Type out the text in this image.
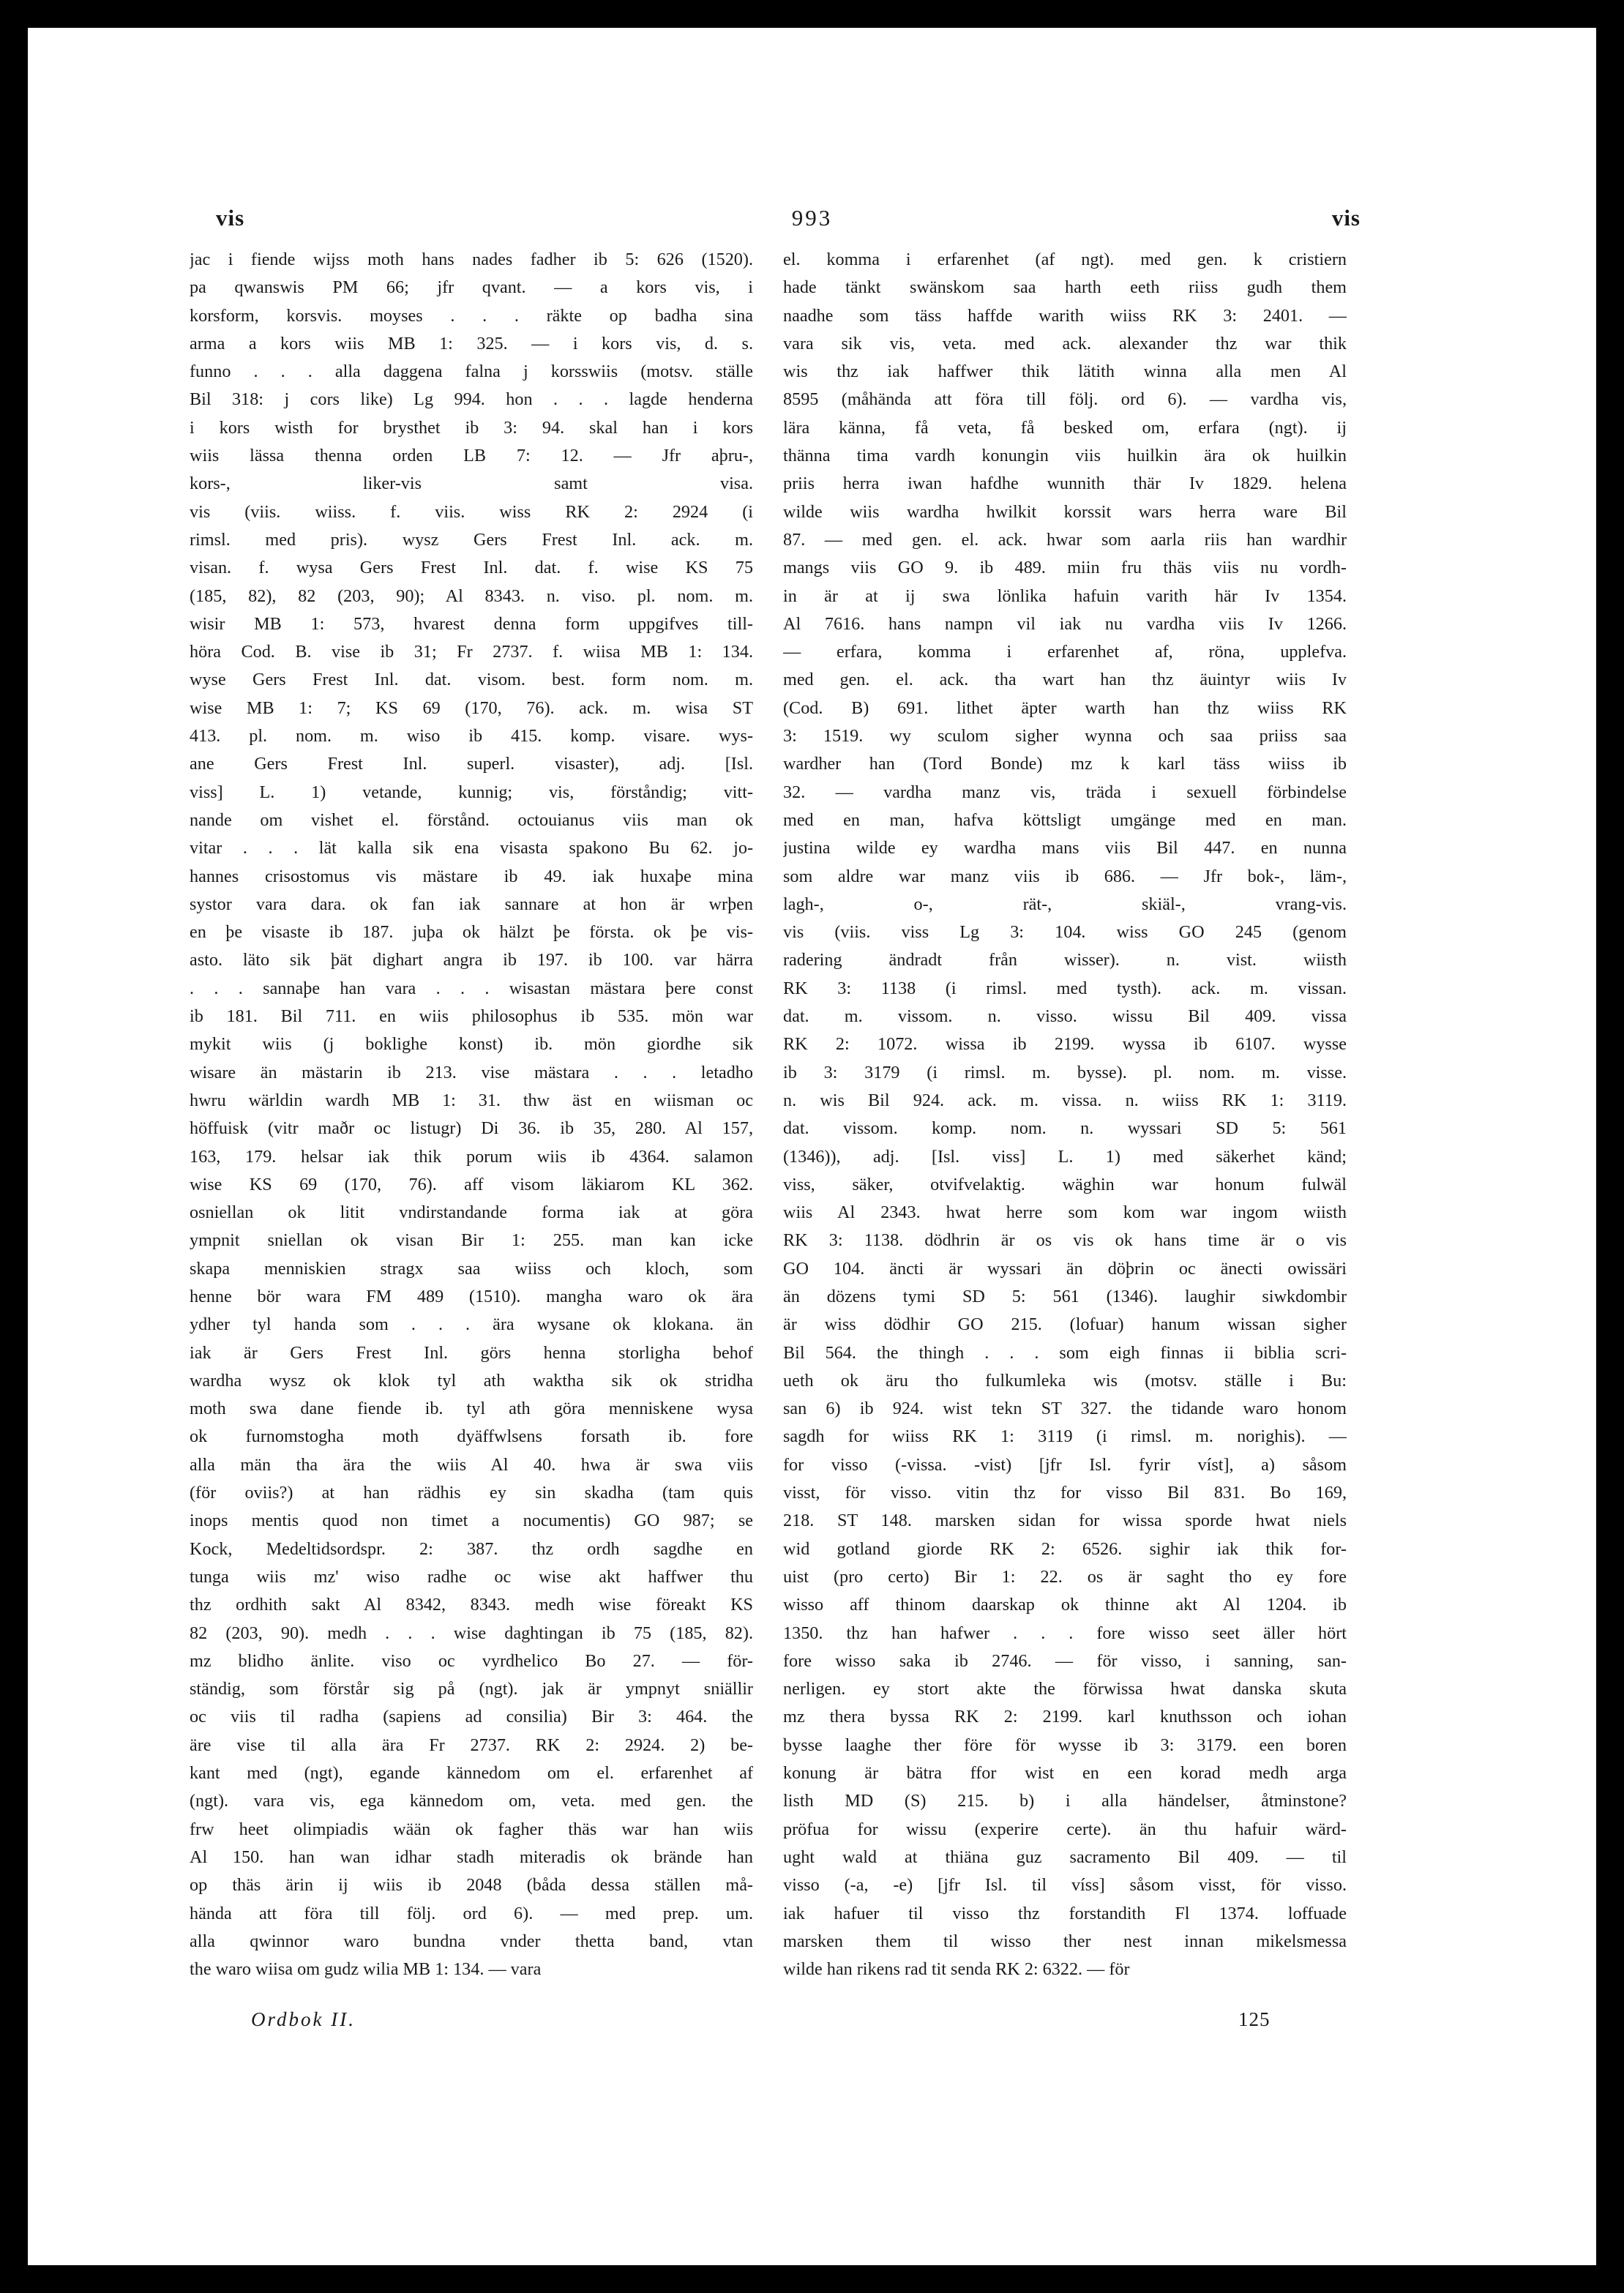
vis	993	vis

jac i fiende wijss moth hans nades fadher ib 5: 626 (1520).

pa qwanswis PM 66; jfr qvant. — a kors vis, i

korsform, korsvis. moyses . . . räkte op badha sina

arma a kors wiis MB 1: 325. — i kors vis, d. s.

funno . . . alla daggena falna j korsswiis (motsv. ställe

Bil 318: j cors like) Lg 994. hon . . . lagde henderna

i kors wisth for brysthet ib 3: 94. skal han i kors

wiis lässa thenna orden LB 7: 12. — Jfr aþru-,

kors-, liker-vis samt visa.

vis (viis. wiiss. f. viis. wiss RK 2: 2924 (i

rimsl. med pris). wysz Gers Frest Inl. ack. m.

visan. f. wysa Gers Frest Inl. dat. f. wise KS 75

(185, 82), 82 (203, 90); Al 8343. n. viso. pl. nom. m.

wisir MB 1: 573, hvarest denna form uppgifves till-

höra Cod. B. vise ib 31; Fr 2737. f. wiisa MB 1: 134.

wyse Gers Frest Inl. dat. visom. best. form nom. m.

wise MB 1: 7; KS 69 (170, 76). ack. m. wisa ST

413. pl. nom. m. wiso ib 415. komp. visare. wys-

ane Gers Frest Inl. superl. visaster), adj. [Isl.

viss] L. 1) vetande, kunnig; vis, förståndig; vitt-

nande om vishet el. förstånd. octouianus viis man ok

vitar . . . lät kalla sik ena visasta spakono Bu 62. jo-

hannes crisostomus vis mästare ib 49. iak huxaþe mina

systor vara dara. ok fan iak sannare at hon är wrþen

en þe visaste ib 187. juþa ok hälzt þe första. ok þe vis-

asto. läto sik þät dighart angra ib 197. ib 100. var härra

. . . sannaþe han vara . . . wisastan mästara þere const

ib 181. Bil 711. en wiis philosophus ib 535. mön war

mykit wiis (j boklighe konst) ib. mön giordhe sik

wisare än mästarin ib 213. vise mästara . . . letadho

hwru wärldin wardh MB 1: 31. thw äst en wiisman oc

höffuisk (vitr maðr oc listugr) Di 36. ib 35, 280. Al 157,

163, 179. helsar iak thik porum wiis ib 4364. salamon

wise KS 69 (170, 76). aff visom läkiarom KL 362.

osniellan ok litit vndirstandande forma iak at göra

ympnit sniellan ok visan Bir 1: 255. man kan icke

skapa menniskien stragx saa wiiss och kloch, som

henne bör wara FM 489 (1510). mangha waro ok ära

ydher tyl handa som . . . ära wysane ok klokana. än

iak är Gers Frest Inl. görs henna storligha behof

wardha wysz ok klok tyl ath waktha sik ok stridha

moth swa dane fiende ib. tyl ath göra menniskene wysa

ok furnomstogha moth dyäffwlsens forsath ib. fore

alla män tha ära the wiis Al 40. hwa är swa viis

(för oviis?) at han rädhis ey sin skadha (tam quis

inops mentis quod non timet a nocumentis) GO 987; se

Kock, Medeltidsordspr. 2: 387. thz ordh sagdhe en

tunga wiis mz' wiso radhe oc wise akt haffwer thu

thz ordhith sakt Al 8342, 8343. medh wise föreakt KS

82 (203, 90). medh . . . wise daghtingan ib 75 (185, 82).

mz blidho änlite. viso oc vyrdhelico Bo 27. — för-

ständig, som förstår sig på (ngt). jak är ympnyt sniällir

oc viis til radha (sapiens ad consilia) Bir 3: 464. the

äre vise til alla ära Fr 2737. RK 2: 2924. 2) be-

kant med (ngt), egande kännedom om el. erfarenhet af

(ngt). vara vis, ega kännedom om, veta. med gen. the

frw heet olimpiadis wään ok fagher thäs war han wiis

Al 150. han wan idhar stadh miteradis ok brände han

op thäs ärin ij wiis ib 2048 (båda dessa ställen må-

hända att föra till följ. ord 6). — med prep. um.

alla qwinnor waro bundna vnder thetta band, vtan

the waro wiisa om gudz wilia MB 1: 134. — vara

el. komma i erfarenhet (af ngt). med gen. k cristiern

hade tänkt swänskom saa harth eeth riiss gudh them

naadhe som täss haffde warith wiiss RK 3: 2401. —

vara sik vis, veta. med ack. alexander thz war thik

wis thz iak haffwer thik lätith winna alla men Al

8595 (måhända att föra till följ. ord 6). — vardha vis,

lära känna, få veta, få besked om, erfara (ngt). ij

thänna tima vardh konungin viis huilkin ära ok huilkin

priis herra iwan hafdhe wunnith thär Iv 1829. helena

wilde wiis wardha hwilkit korssit wars herra ware Bil

87. — med gen. el. ack. hwar som aarla riis han wardhir

mangs viis GO 9. ib 489. miin fru thäs viis nu vordh-

in är at ij swa lönlika hafuin varith här Iv 1354.

Al 7616. hans nampn vil iak nu vardha viis Iv 1266.

— erfara, komma i erfarenhet af, röna, upplefva.

med gen. el. ack. tha wart han thz äuintyr wiis Iv

(Cod. B) 691. lithet äpter warth han thz wiiss RK

3: 1519. wy sculom sigher wynna och saa priiss saa

wardher han (Tord Bonde) mz k karl täss wiiss ib

32. — vardha manz vis, träda i sexuell förbindelse

med en man, hafva köttsligt umgänge med en man.

justina wilde ey wardha mans viis Bil 447. en nunna

som aldre war manz viis ib 686. — Jfr bok-, läm-,

lagh-, o-, rät-, skiäl-, vrang-vis.

vis (viis. viss Lg 3: 104. wiss GO 245 (genom

radering ändradt från wisser). n. vist. wiisth

RK 3: 1138 (i rimsl. med tysth). ack. m. vissan.

dat. m. vissom. n. visso. wissu Bil 409. vissa

RK 2: 1072. wissa ib 2199. wyssa ib 6107. wysse

ib 3: 3179 (i rimsl. m. bysse). pl. nom. m. visse.

n. wis Bil 924. ack. m. vissa. n. wiiss RK 1: 3119.

dat. vissom. komp. nom. n. wyssari SD 5: 561

(1346)), adj. [Isl. viss] L. 1) med säkerhet känd;

viss, säker, otvifvelaktig. wäghin war honum fulwäl

wiis Al 2343. hwat herre som kom war ingom wiisth

RK 3: 1138. dödhrin är os vis ok hans time är o vis

GO 104. äncti är wyssari än döþrin oc änecti owissäri

än dözens tymi SD 5: 561 (1346). laughir siwkdombir

är wiss dödhir GO 215. (lofuar) hanum wissan sigher

Bil 564. the thingh . . . som eigh finnas ii biblia scri-

ueth ok äru tho fulkumleka wis (motsv. ställe i Bu:

san 6) ib 924. wist tekn ST 327. the tidande waro honom

sagdh for wiiss RK 1: 3119 (i rimsl. m. norighis). —

for visso (-vissa. -vist) [jfr Isl. fyrir víst], a) såsom

visst, för visso. vitin thz for visso Bil 831. Bo 169,

218. ST 148. marsken sidan for wissa sporde hwat niels

wid gotland giorde RK 2: 6526. sighir iak thik for-

uist (pro certo) Bir 1: 22. os är saght tho ey fore

wisso aff thinom daarskap ok thinne akt Al 1204. ib

1350. thz han hafwer . . . fore wisso seet äller hört

fore wisso saka ib 2746. — för visso, i sanning, san-

nerligen. ey stort akte the förwissa hwat danska skuta

mz thera byssa RK 2: 2199. karl knuthsson och iohan

bysse laaghe ther före för wysse ib 3: 3179. een boren

konung är bätra ffor wist en een korad medh arga

listh MD (S) 215. b) i alla händelser, åtminstone?

pröfua for wissu (experire certe). än thu hafuir wärd-

ught wald at thiäna guz sacramento Bil 409. — til

visso (-a, -e) [jfr Isl. til víss] såsom visst, för visso.

iak hafuer til visso thz forstandith Fl 1374. loffuade

marsken them til wisso ther nest innan mikelsmessa

wilde han rikens rad tit senda RK 2: 6322. — för

Ordbok II.	125
